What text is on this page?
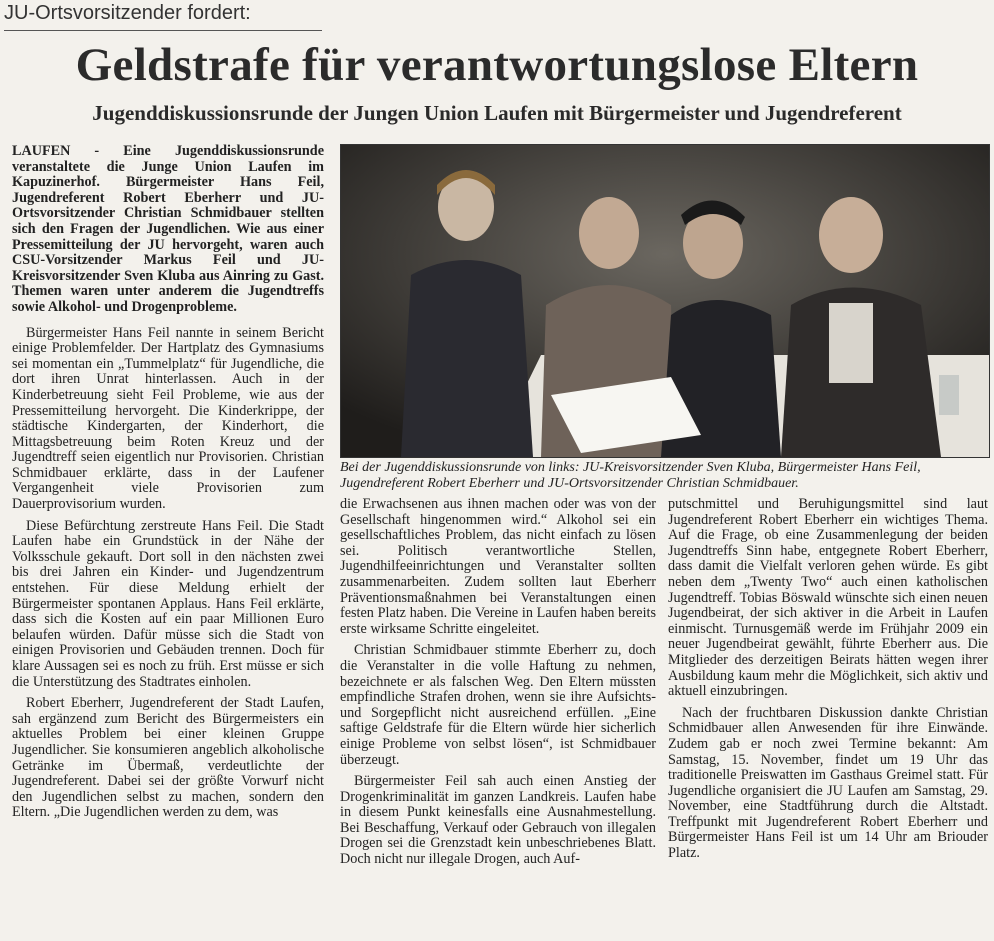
JU-Ortsvorsitzender fordert:
Geldstrafe für verantwortungslose Eltern
Jugenddiskussionsrunde der Jungen Union Laufen mit Bürgermeister und Jugendreferent

LAUFEN - Eine Jugenddiskussionsrunde veranstaltete die Junge Union Laufen im Kapuzinerhof. Bürgermeister Hans Feil, Jugendreferent Robert Eberherr und JU-Ortsvorsitzender Christian Schmidbauer stellten sich den Fragen der Jugendlichen. Wie aus einer Pressemitteilung der JU hervorgeht, waren auch CSU-Vorsitzender Markus Feil und JU-Kreisvorsitzender Sven Kluba aus Ainring zu Gast. Themen waren unter anderem die Jugendtreffs sowie Alkohol- und Drogenprobleme.

Bürgermeister Hans Feil nannte in seinem Bericht einige Problemfelder. Der Hartplatz des Gymnasiums sei momentan ein „Tummelplatz“ für Jugendliche, die dort ihren Unrat hinterlassen. Auch in der Kinderbetreuung sieht Feil Probleme, wie aus der Pressemitteilung hervorgeht. Die Kinderkrippe, der städtische Kindergarten, der Kinderhort, die Mittagsbetreuung beim Roten Kreuz und der Jugendtreff seien eigentlich nur Provisorien. Christian Schmidbauer erklärte, dass in der Laufener Vergangenheit viele Provisorien zum Dauerprovisorium wurden.

Diese Befürchtung zerstreute Hans Feil. Die Stadt Laufen habe ein Grundstück in der Nähe der Volksschule gekauft. Dort soll in den nächsten zwei bis drei Jahren ein Kinder- und Jugendzentrum entstehen. Für diese Meldung erhielt der Bürgermeister spontanen Applaus. Hans Feil erklärte, dass sich die Kosten auf ein paar Millionen Euro belaufen würden. Dafür müsse sich die Stadt von einigen Provisorien und Gebäuden trennen. Doch für klare Aussagen sei es noch zu früh. Erst müsse er sich die Unterstützung des Stadtrates einholen.

Robert Eberherr, Jugendreferent der Stadt Laufen, sah ergänzend zum Bericht des Bürgermeisters ein aktuelles Problem bei einer kleinen Gruppe Jugendlicher. Sie konsumieren angeblich alkoholische Getränke im Übermaß, verdeutlichte der Jugendreferent. Dabei sei der größte Vorwurf nicht den Jugendlichen selbst zu machen, sondern den Eltern. „Die Jugendlichen werden zu dem, was

Bei der Jugenddiskussionsrunde von links: JU-Kreisvorsitzender Sven Kluba, Bürgermeister Hans Feil, Jugendreferent Robert Eberherr und JU-Ortsvorsitzender Christian Schmidbauer.

die Erwachsenen aus ihnen machen oder was von der Gesellschaft hingenommen wird.“ Alkohol sei ein gesellschaftliches Problem, das nicht einfach zu lösen sei. Politisch verantwortliche Stellen, Jugendhilfeeinrichtungen und Veranstalter sollten zusammenarbeiten. Zudem sollten laut Eberherr Präventionsmaßnahmen bei Veranstaltungen einen festen Platz haben. Die Vereine in Laufen haben bereits erste wirksame Schritte eingeleitet.

Christian Schmidbauer stimmte Eberherr zu, doch die Veranstalter in die volle Haftung zu nehmen, bezeichnete er als falschen Weg. Den Eltern müssten empfindliche Strafen drohen, wenn sie ihre Aufsichts- und Sorgepflicht nicht ausreichend erfüllen. „Eine saftige Geldstrafe für die Eltern würde hier sicherlich einige Probleme von selbst lösen“, ist Schmidbauer überzeugt.

Bürgermeister Feil sah auch einen Anstieg der Drogenkriminalität im ganzen Landkreis. Laufen habe in diesem Punkt keinesfalls eine Ausnahmestellung. Bei Beschaffung, Verkauf oder Gebrauch von illegalen Drogen sei die Grenzstadt kein unbeschriebenes Blatt. Doch nicht nur illegale Drogen, auch Auf-

putschmittel und Beruhigungsmittel sind laut Jugendreferent Robert Eberherr ein wichtiges Thema. Auf die Frage, ob eine Zusammenlegung der beiden Jugendtreffs Sinn habe, entgegnete Robert Eberherr, dass damit die Vielfalt verloren gehen würde. Es gibt neben dem „Twenty Two“ auch einen katholischen Jugendtreff. Tobias Böswald wünschte sich einen neuen Jugendbeirat, der sich aktiver in die Arbeit in Laufen einmischt. Turnusgemäß werde im Frühjahr 2009 ein neuer Jugendbeirat gewählt, führte Eberherr aus. Die Mitglieder des derzeitigen Beirats hätten wegen ihrer Ausbildung kaum mehr die Möglichkeit, sich aktiv und aktuell einzubringen.

Nach der fruchtbaren Diskussion dankte Christian Schmidbauer allen Anwesenden für ihre Einwände. Zudem gab er noch zwei Termine bekannt: Am Samstag, 15. November, findet um 19 Uhr das traditionelle Preiswatten im Gasthaus Greimel statt. Für Jugendliche organisiert die JU Laufen am Samstag, 29. November, eine Stadtführung durch die Altstadt. Treffpunkt mit Jugendreferent Robert Eberherr und Bürgermeister Hans Feil ist um 14 Uhr am Briouder Platz.
